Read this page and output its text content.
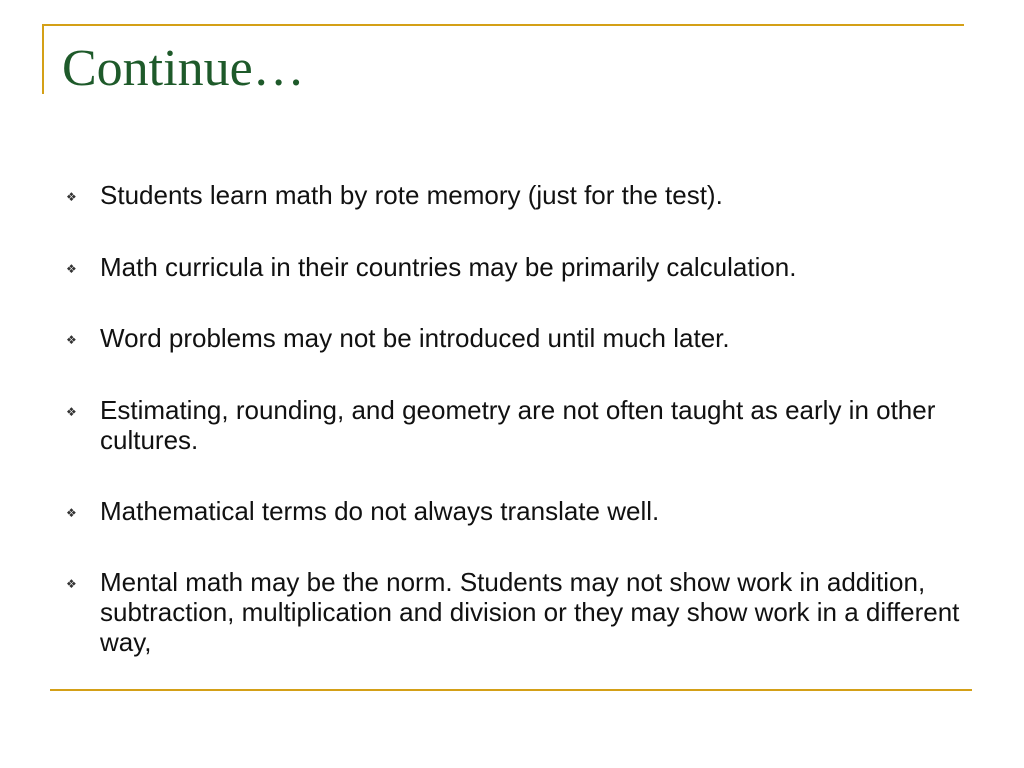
Continue…
❖ Students learn math by rote memory (just for the test).
❖ Math curricula in their countries may be primarily calculation.
❖ Word problems may not be introduced until much later.
❖ Estimating, rounding, and geometry are not often taught as early in other cultures.
❖ Mathematical terms do not always translate well.
❖ Mental math may be the norm. Students may not show work in addition, subtraction, multiplication and division or they may show work in a different way,
